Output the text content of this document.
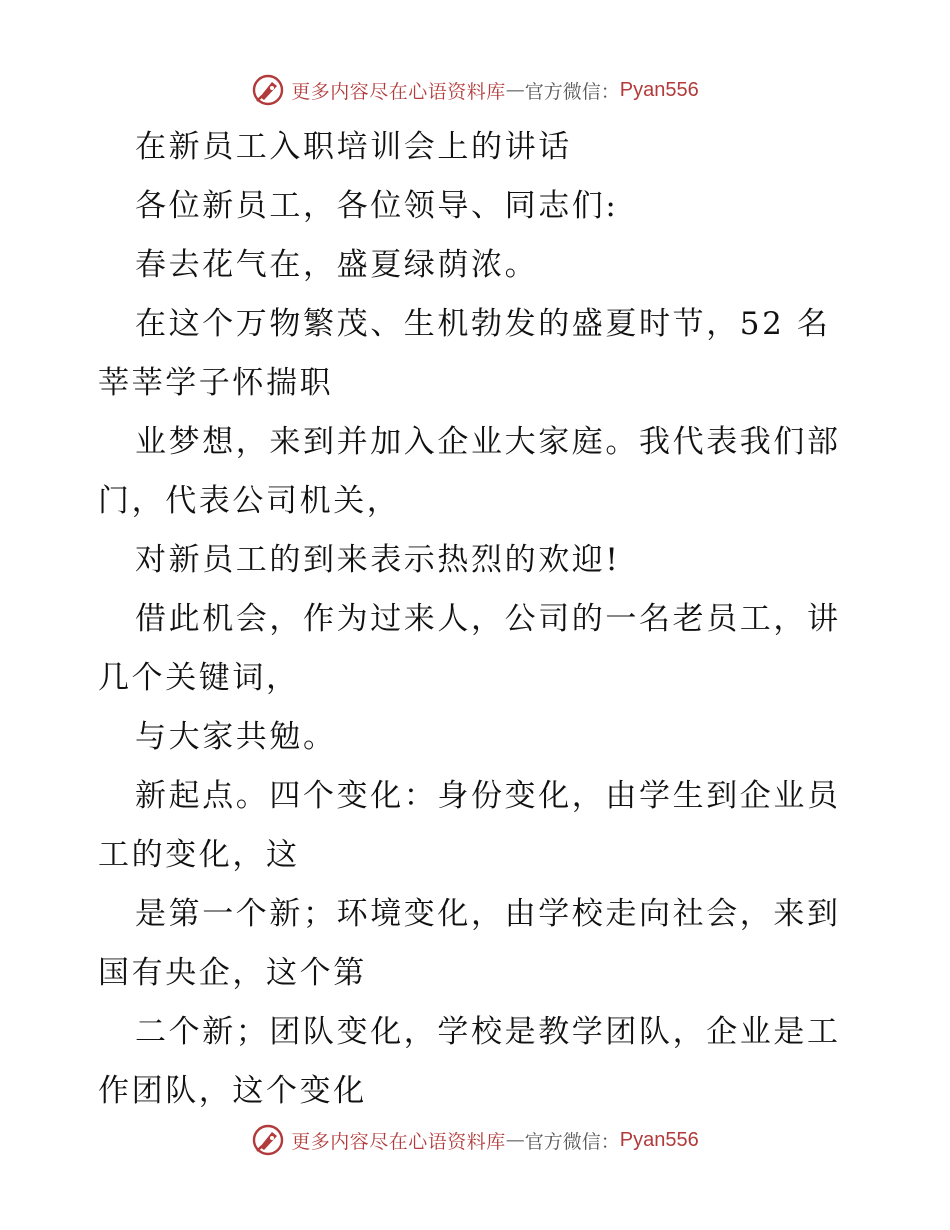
更多内容尽在心语资料库 — 官方微信： Pyan556

在新员工入职培训会上的讲话

各位新员工，各位领导、同志们:

春去花气在，盛夏绿荫浓。

在这个万物繁茂、生机勃发的盛夏时节，52 名莘莘学子怀揣职

业梦想，来到并加入企业大家庭。我代表我们部门，代表公司机关，

对新员工的到来表示热烈的欢迎!

借此机会，作为过来人，公司的一名老员工，讲几个关键词，

与大家共勉。

新起点。四个变化：身份变化，由学生到企业员工的变化，这

是第一个新；环境变化，由学校走向社会，来到国有央企，这个第

二个新；团队变化，学校是教学团队，企业是工作团队，这个变化

更多内容尽在心语资料库 — 官方微信： Pyan556
